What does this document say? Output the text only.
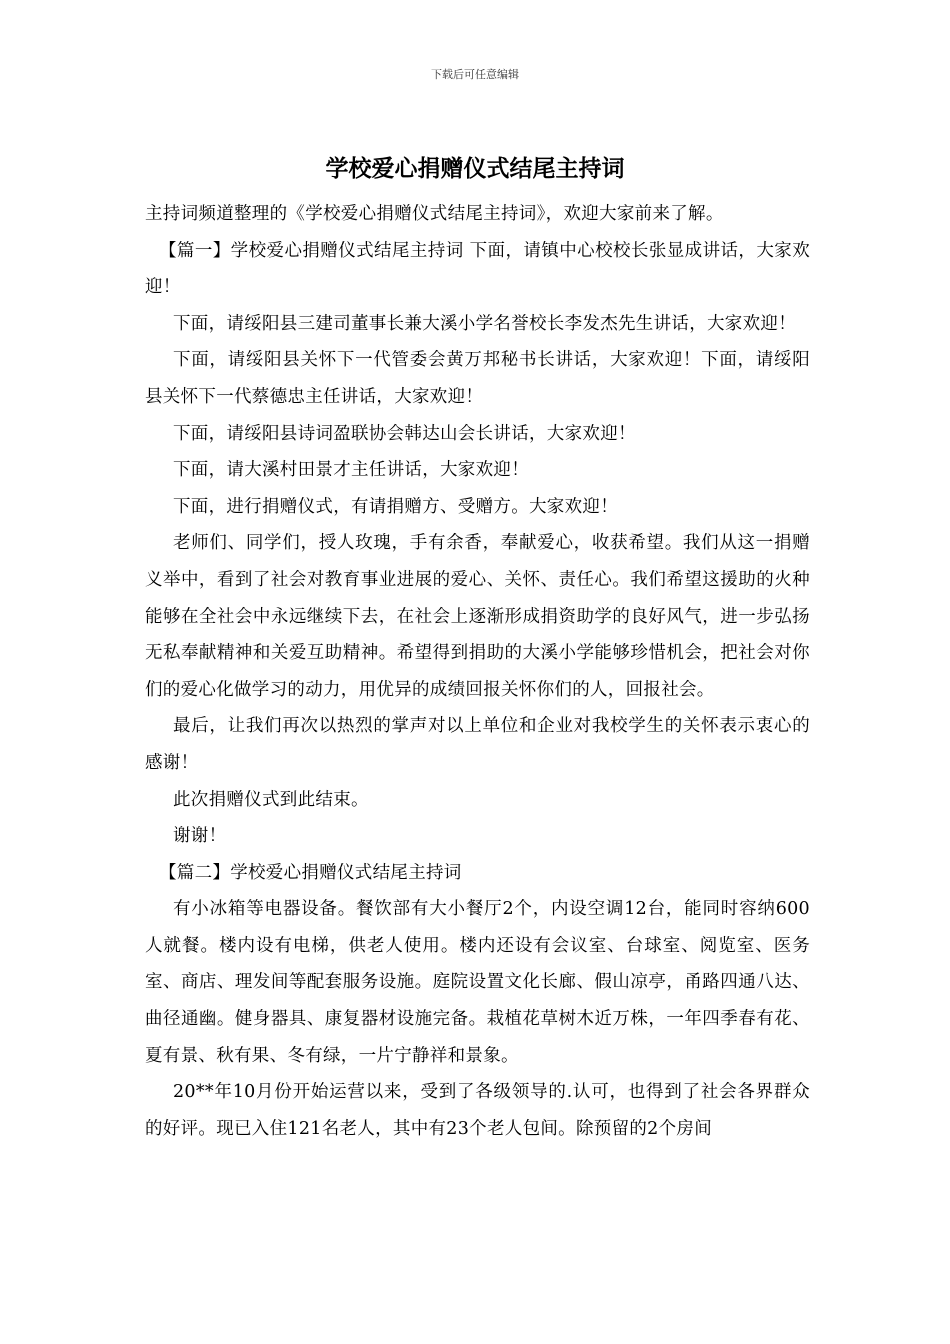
下载后可任意编辑
学校爱心捐赠仪式结尾主持词

主持词频道整理的《学校爱心捐赠仪式结尾主持词》，欢迎大家前来了解。

【篇一】学校爱心捐赠仪式结尾主持词 下面，请镇中心校校长张显成讲话，大家欢迎！

下面，请绥阳县三建司董事长兼大溪小学名誉校长李发杰先生讲话，大家欢迎！

下面，请绥阳县关怀下一代管委会黄万邦秘书长讲话，大家欢迎！下面，请绥阳县关怀下一代蔡德忠主任讲话，大家欢迎！

下面，请绥阳县诗词盈联协会韩达山会长讲话，大家欢迎！

下面，请大溪村田景才主任讲话，大家欢迎！

下面，进行捐赠仪式，有请捐赠方、受赠方。大家欢迎！

老师们、同学们，授人玫瑰，手有余香，奉献爱心，收获希望。我们从这一捐赠义举中，看到了社会对教育事业进展的爱心、关怀、责任心。我们希望这援助的火种能够在全社会中永远继续下去，在社会上逐渐形成捐资助学的良好风气，进一步弘扬无私奉献精神和关爱互助精神。希望得到捐助的大溪小学能够珍惜机会，把社会对你们的爱心化做学习的动力，用优异的成绩回报关怀你们的人，回报社会。

最后，让我们再次以热烈的掌声对以上单位和企业对我校学生的关怀表示衷心的感谢！

此次捐赠仪式到此结束。

谢谢！

【篇二】学校爱心捐赠仪式结尾主持词

有小冰箱等电器设备。餐饮部有大小餐厅2个，内设空调12台，能同时容纳600人就餐。楼内设有电梯，供老人使用。楼内还设有会议室、台球室、阅览室、医务室、商店、理发间等配套服务设施。庭院设置文化长廊、假山凉亭，甬路四通八达、曲径通幽。健身器具、康复器材设施完备。栽植花草树木近万株，一年四季春有花、夏有景、秋有果、冬有绿，一片宁静祥和景象。

20**年10月份开始运营以来，受到了各级领导的.认可，也得到了社会各界群众的好评。现已入住121名老人，其中有23个老人包间。除预留的2个房间
